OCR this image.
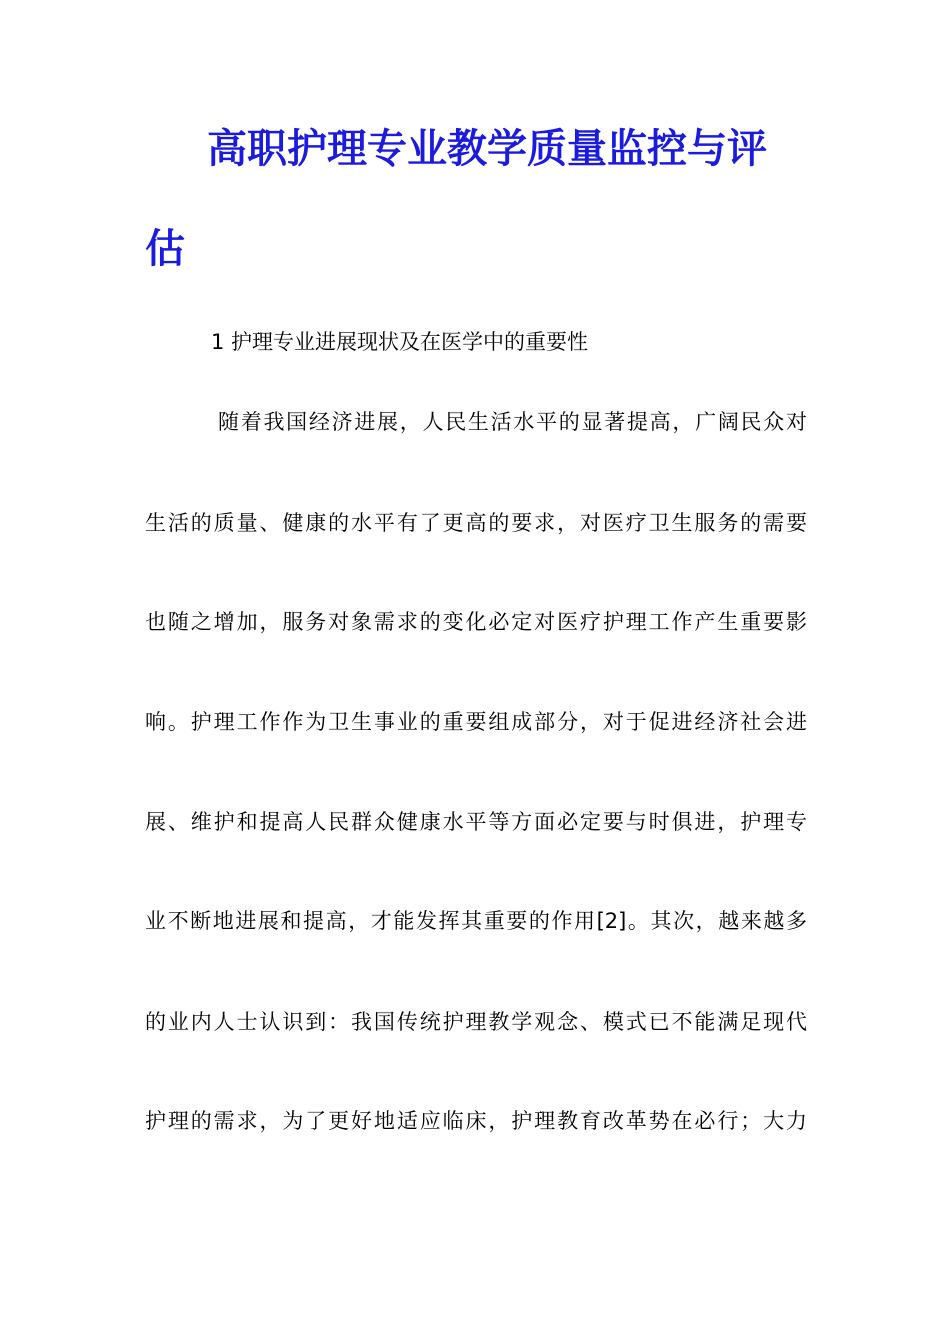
高职护理专业教学质量监控与评
估
1 护理专业进展现状及在医学中的重要性
随着我国经济进展，人民生活水平的显著提高，广阔民众对
生活的质量、健康的水平有了更高的要求，对医疗卫生服务的需要
也随之增加，服务对象需求的变化必定对医疗护理工作产生重要影
响。护理工作作为卫生事业的重要组成部分，对于促进经济社会进
展、维护和提高人民群众健康水平等方面必定要与时俱进，护理专
业不断地进展和提高，才能发挥其重要的作用[2]。其次，越来越多
的业内人士认识到：我国传统护理教学观念、模式已不能满足现代
护理的需求，为了更好地适应临床，护理教育改革势在必行；大力
